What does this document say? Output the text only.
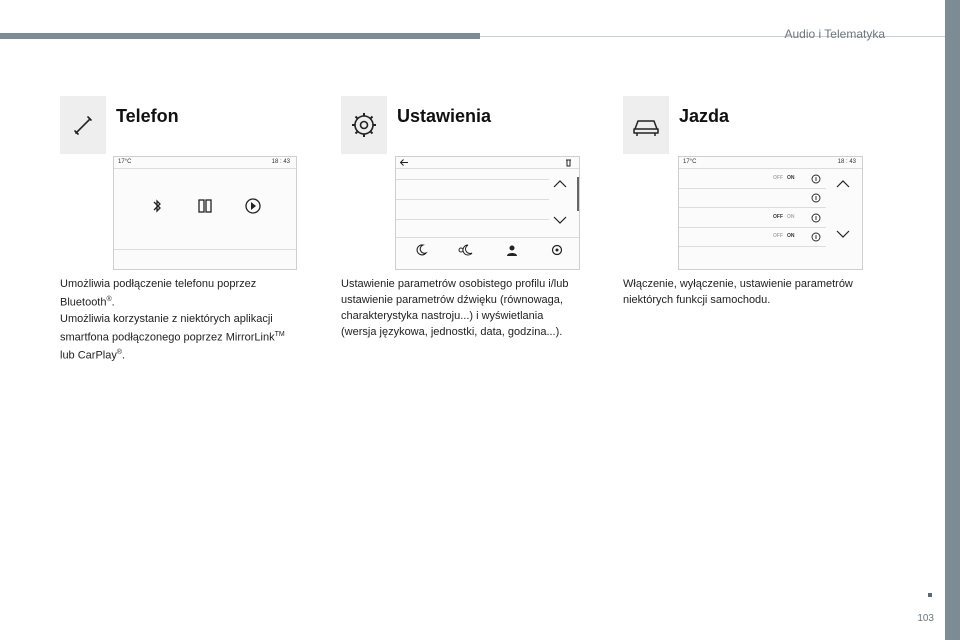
Audio i Telematyka
103
Telefon
17°C	18 : 43
Umożliwia podłączenie telefonu poprzez
Bluetooth®.
Umożliwia korzystanie z niektórych aplikacji
smartfona podłączonego poprzez MirrorLink™
lub CarPlay®.
Ustawienia
Ustawienie parametrów osobistego profilu i/lub
ustawienie parametrów dźwięku (równowaga,
charakterystyka nastroju...) i wyświetlania
(wersja językowa, jednostki, data, godzina...).
Jazda
17°C	18 : 43
OFF ON
OFF ON
OFF ON
Włączenie, wyłączenie, ustawienie parametrów
niektórych funkcji samochodu.
